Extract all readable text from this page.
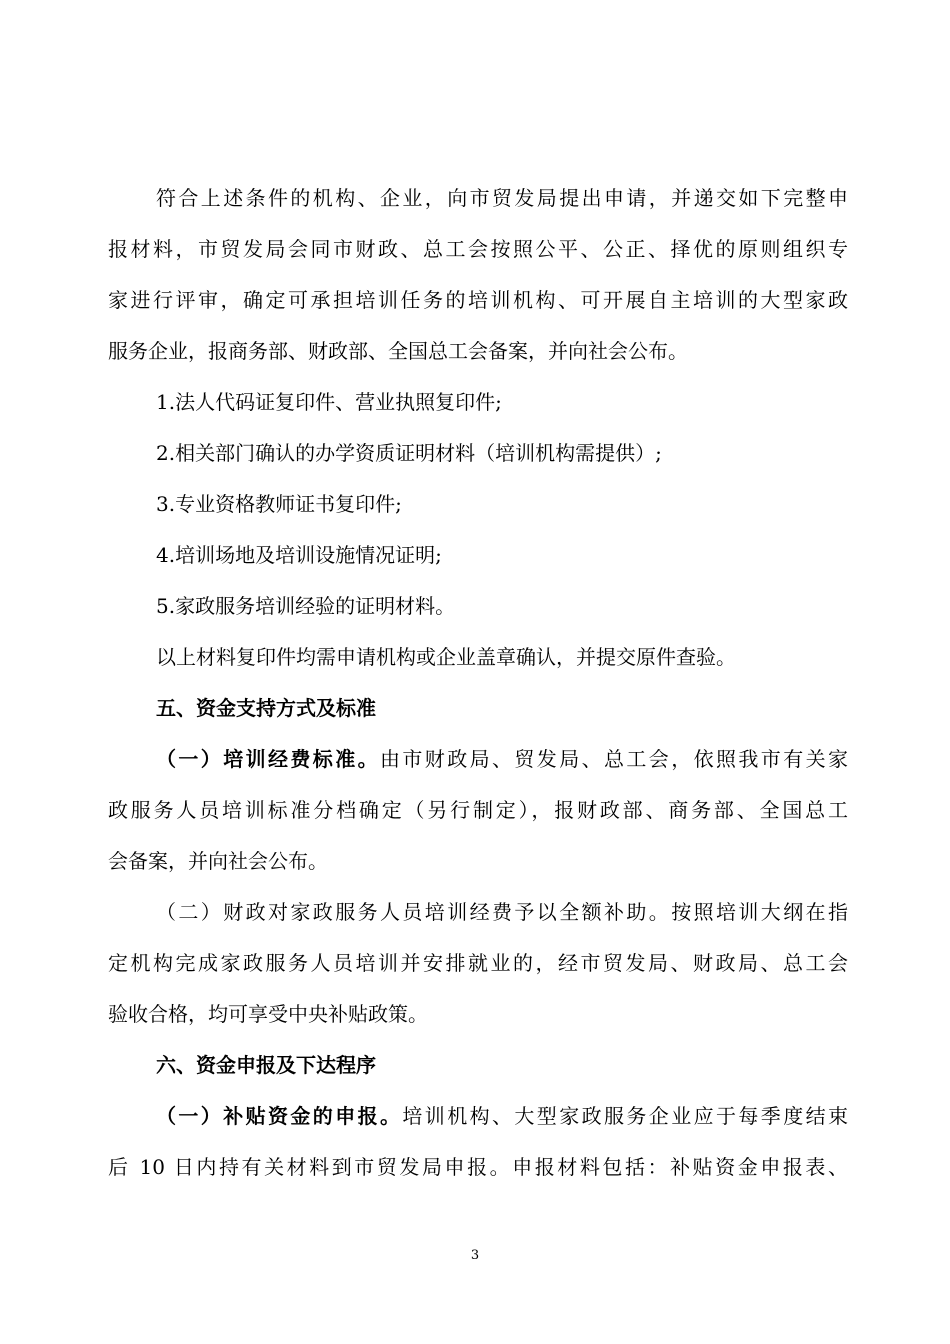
符合上述条件的机构、企业，向市贸发局提出申请，并递交如下完整申
报材料，市贸发局会同市财政、总工会按照公平、公正、择优的原则组织专
家进行评审，确定可承担培训任务的培训机构、可开展自主培训的大型家政
服务企业，报商务部、财政部、全国总工会备案，并向社会公布。
1.法人代码证复印件、营业执照复印件;
2.相关部门确认的办学资质证明材料（培训机构需提供）;
3.专业资格教师证书复印件;
4.培训场地及培训设施情况证明;
5.家政服务培训经验的证明材料。
以上材料复印件均需申请机构或企业盖章确认，并提交原件查验。
五、资金支持方式及标准
（一）培训经费标准。由市财政局、贸发局、总工会，依照我市有关家
政服务人员培训标准分档确定（另行制定），报财政部、商务部、全国总工
会备案，并向社会公布。
（二）财政对家政服务人员培训经费予以全额补助。按照培训大纲在指
定机构完成家政服务人员培训并安排就业的，经市贸发局、财政局、总工会
验收合格，均可享受中央补贴政策。
六、资金申报及下达程序
（一）补贴资金的申报。培训机构、大型家政服务企业应于每季度结束
后 10 日内持有关材料到市贸发局申报。申报材料包括：补贴资金申报表、
3
